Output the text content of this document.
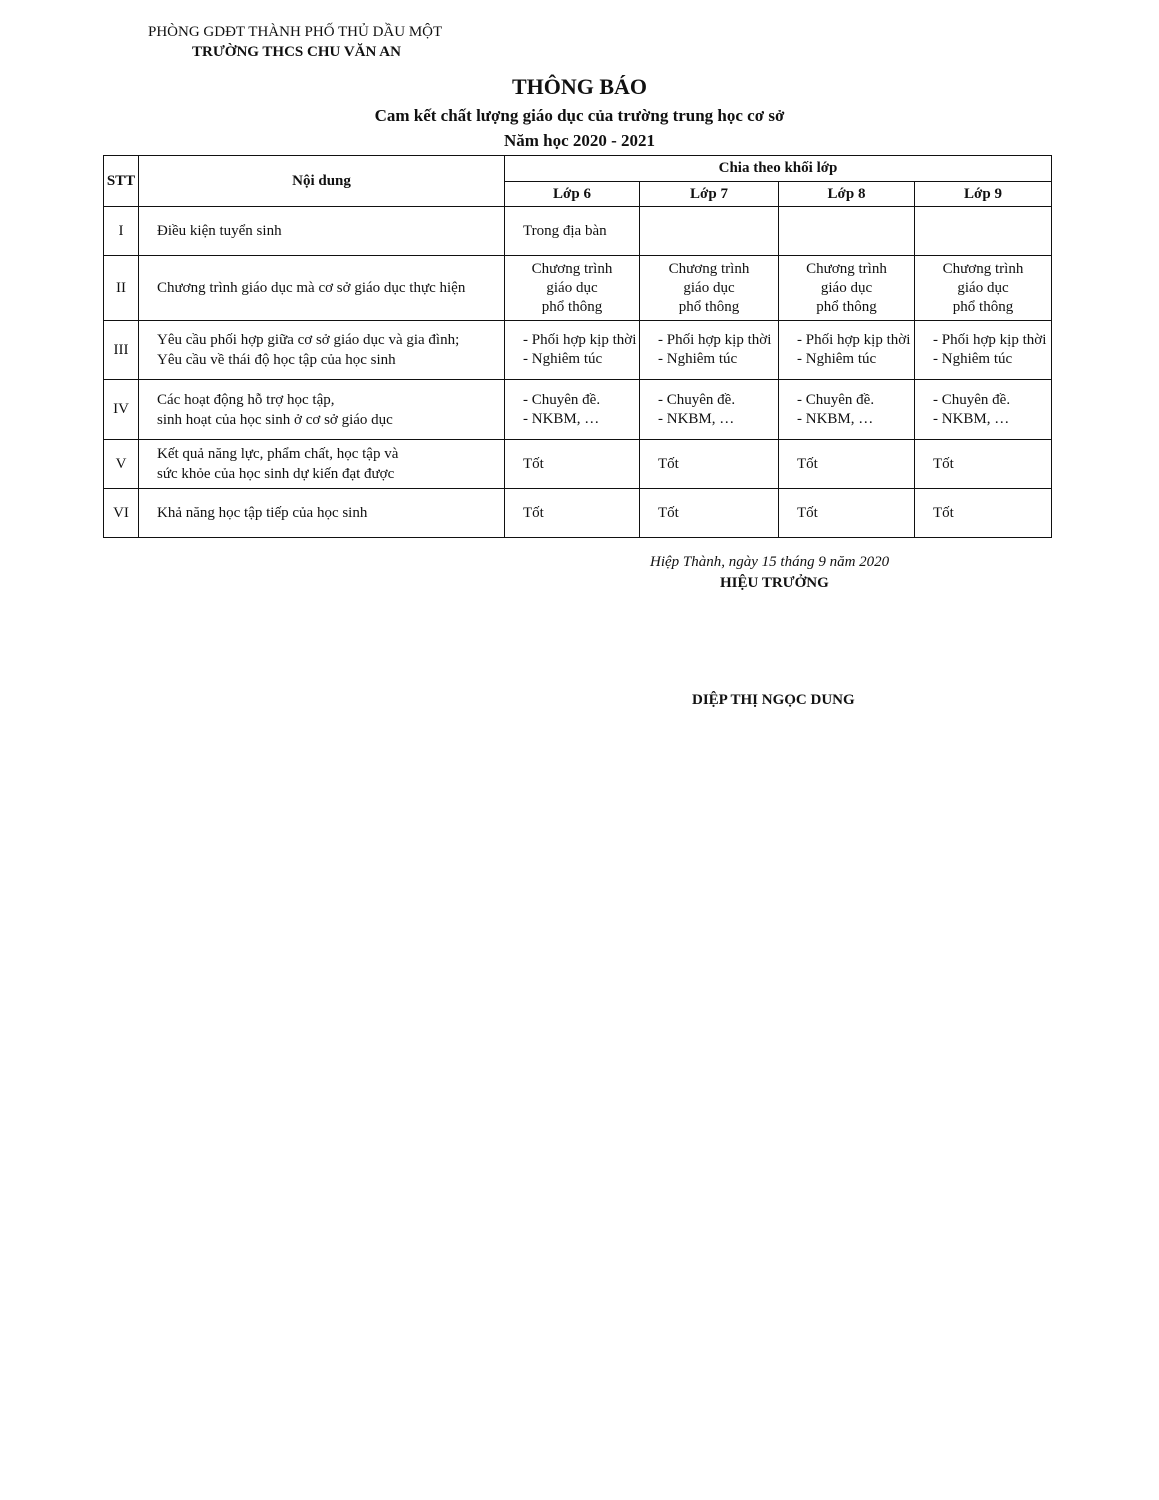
PHÒNG GDĐT THÀNH PHỐ THỦ DẦU MỘT
TRƯỜNG THCS CHU VĂN AN
THÔNG BÁO
Cam kết chất lượng giáo dục của trường trung học cơ sở
Năm học 2020 - 2021
STT	Nội dung	Chia theo khối lớp			
		Lớp 6	Lớp 7	Lớp 8	Lớp 9
I	Điều kiện tuyển sinh	Trong địa bàn			

II	Chương trình giáo dục mà cơ sở giáo dục thực hiện	Chương trình
giáo dục
phổ thông	Chương trình
giáo dục
phổ thông	Chương trình
giáo dục
phổ thông	Chương trình
giáo dục
phổ thông

III	Yêu cầu phối hợp giữa cơ sở giáo dục và gia đình;
Yêu cầu về thái độ học tập của học sinh	- Phối hợp kịp thời
- Nghiêm túc	- Phối hợp kịp thời
- Nghiêm túc	- Phối hợp kịp thời
- Nghiêm túc	- Phối hợp kịp thời
- Nghiêm túc

IV	Các hoạt động hỗ trợ học tập,
sinh hoạt của học sinh ở cơ sở giáo dục	- Chuyên đề.
- NKBM, …	- Chuyên đề.
- NKBM, …	- Chuyên đề.
- NKBM, …	- Chuyên đề.
- NKBM, …

V	Kết quả năng lực, phẩm chất, học tập và
sức khỏe của học sinh dự kiến đạt được	Tốt	Tốt	Tốt	Tốt

VI	Khả năng học tập tiếp của học sinh	Tốt	Tốt	Tốt	Tốt
Hiệp Thành, ngày 15 tháng 9 năm 2020
HIỆU TRƯỞNG
DIỆP THỊ NGỌC DUNG
